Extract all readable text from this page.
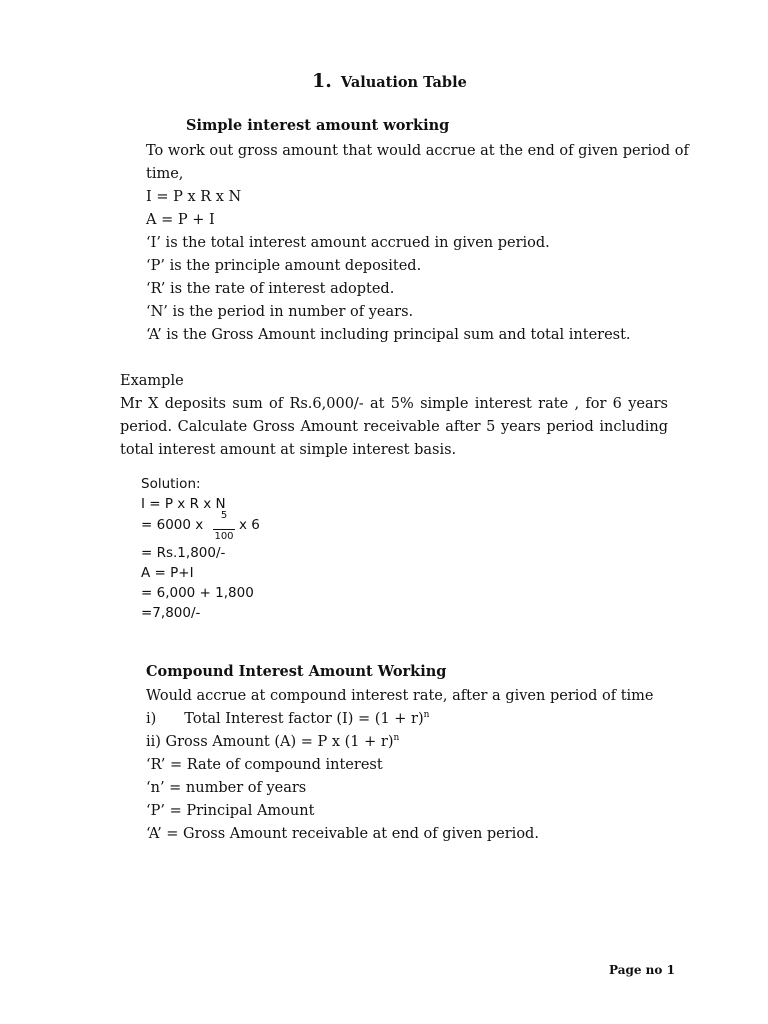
1. Valuation Table
Simple interest amount working
To work out gross amount that would accrue at the end of given period of
time,
I = P x R x N
A = P + I
‘I’ is the total interest amount accrued in given period.
‘P’ is the principle amount deposited.
‘R’ is the rate of interest adopted.
‘N’ is the period in number of years.
‘A’ is the Gross Amount including principal sum and total interest.
Example
Mr X deposits sum of Rs.6,000/- at 5% simple interest rate , for 6 years period. Calculate Gross Amount receivable after 5 years period including total interest amount at simple interest basis.
Solution:
I = P x R x N
= 6000 x
5
100
x 6
= Rs.1,800/-
A = P+I
= 6,000 + 1,800
=7,800/-
Compound Interest Amount Working
Would accrue at compound interest rate, after a given period of time
i) Total Interest factor $(I) = (1 + r)^n$
ii) Gross Amount (A) = P x $(1 + r)^n$
‘R’ = Rate of compound interest
‘n’ = number of years
‘P’ = Principal Amount
‘A’ = Gross Amount receivable at end of given period.
Page no 1
